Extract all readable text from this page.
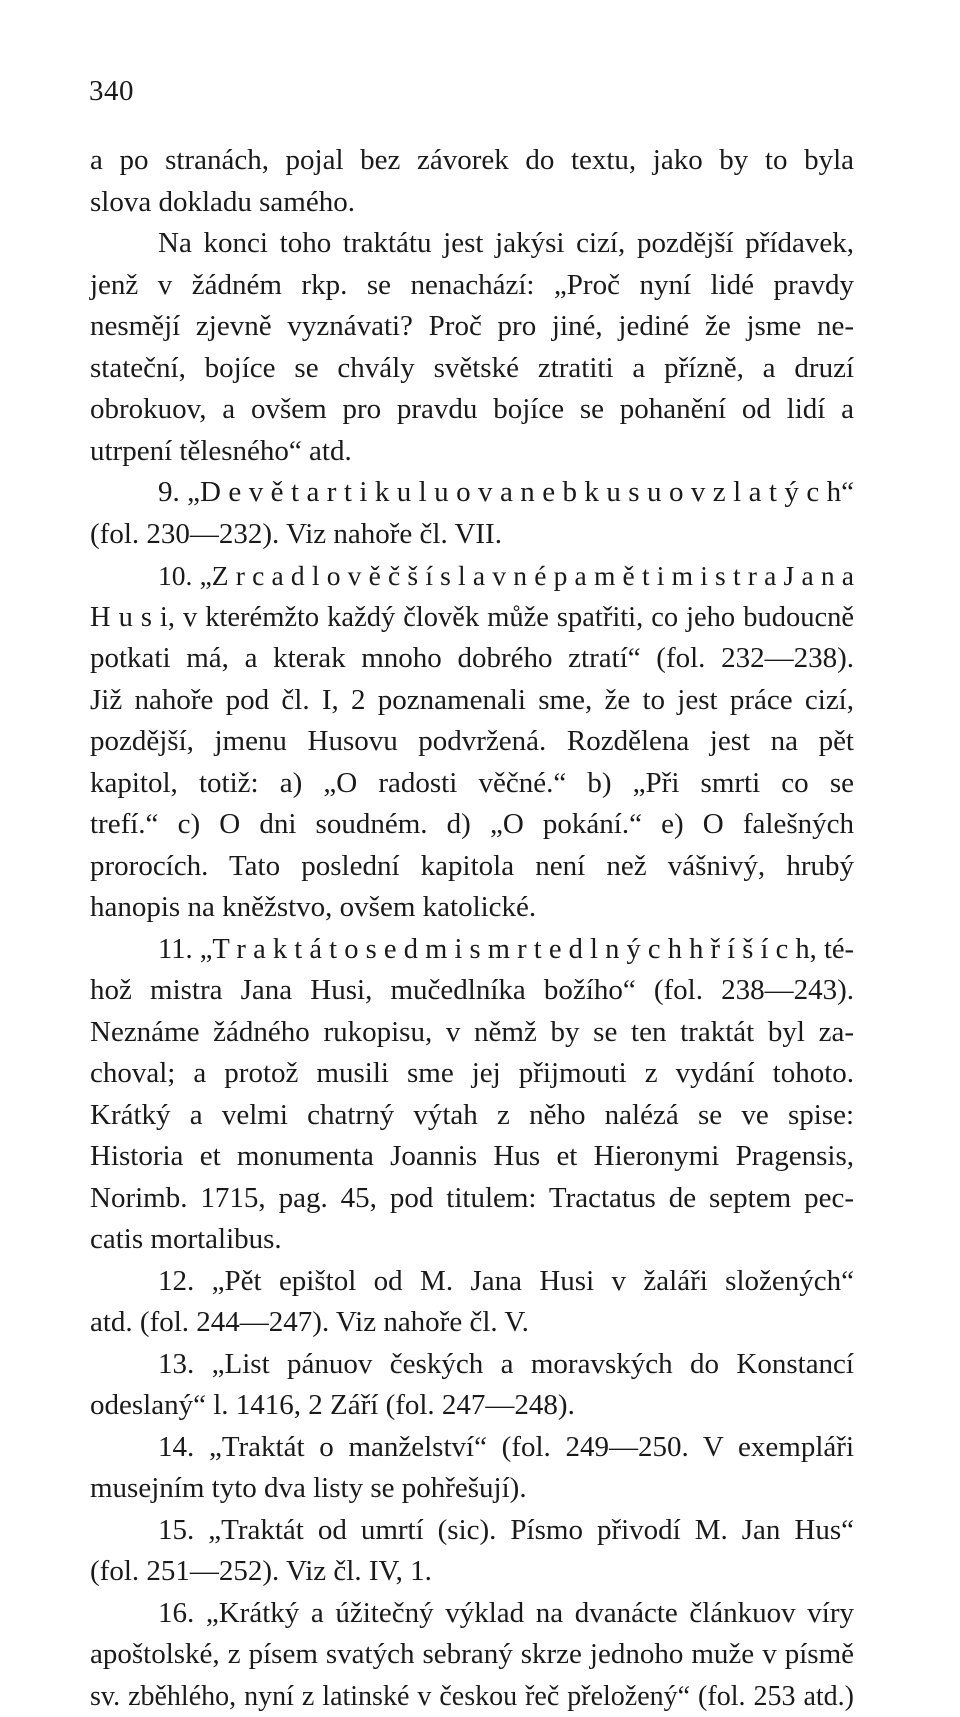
340
a po stranách, pojal bez závorek do textu, jako by to byla
slova dokladu samého.
Na konci toho traktátu jest jakýsi cizí, pozdější přídavek,
jenž v žádném rkp. se nenachází: „Proč nyní lidé pravdy
nesmějí zjevně vyznávati? Proč pro jiné, jediné že jsme ne-
stateční, bojíce se chvály světské ztratiti a přízně, a druzí
obrokuov, a ovšem pro pravdu bojíce se pohanění od lidí a
utrpení tělesného“ atd.
9. „D e v ě t a r t i k u l u o v a n e b k u s u o v z l a t ý c h“
(fol. 230—232). Viz nahoře čl. VII.
10. „Z r c a d l o v ě č š í s l a v n é p a m ě t i m i s t r a J a n a
H u s i, v kterémžto každý člověk může spatřiti, co jeho budoucně
potkati má, a kterak mnoho dobrého ztratí“ (fol. 232—238).
Již nahoře pod čl. I, 2 poznamenali sme, že to jest práce cizí,
pozdější, jmenu Husovu podvržená. Rozdělena jest na pět
kapitol, totiž: a) „O radosti věčné.“ b) „Při smrti co se
trefí.“ c) O dni soudném. d) „O pokání.“ e) O falešných
prorocích. Tato poslední kapitola není než vášnivý, hrubý
hanopis na kněžstvo, ovšem katolické.
11. „T r a k t á t o s e d m i s m r t e d l n ý c h h ř í š í c h, té-
hož mistra Jana Husi, mučedlníka božího“ (fol. 238—243).
Neznáme žádného rukopisu, v němž by se ten traktát byl za-
choval; a protož musili sme jej přijmouti z vydání tohoto.
Krátký a velmi chatrný výtah z něho nalézá se ve spise:
Historia et monumenta Joannis Hus et Hieronymi Pragensis,
Norimb. 1715, pag. 45, pod titulem: Tractatus de septem pec-
catis mortalibus.
12. „Pět epištol od M. Jana Husi v žaláři složených“
atd. (fol. 244—247). Viz nahoře čl. V.
13. „List pánuov českých a moravských do Konstancí
odeslaný“ l. 1416, 2 Září (fol. 247—248).
14. „Traktát o manželství“ (fol. 249—250. V exempláři
musejním tyto dva listy se pohřešují).
15. „Traktát od umrtí (sic). Písmo přivodí M. Jan Hus“
(fol. 251—252). Viz čl. IV, 1.
16. „Krátký a úžitečný výklad na dvanácte článkuov víry
apoštolské, z písem svatých sebraný skrze jednoho muže v písmě
sv. zběhlého, nyní z latinské v českou řeč přeložený“ (fol. 253 atd.)
